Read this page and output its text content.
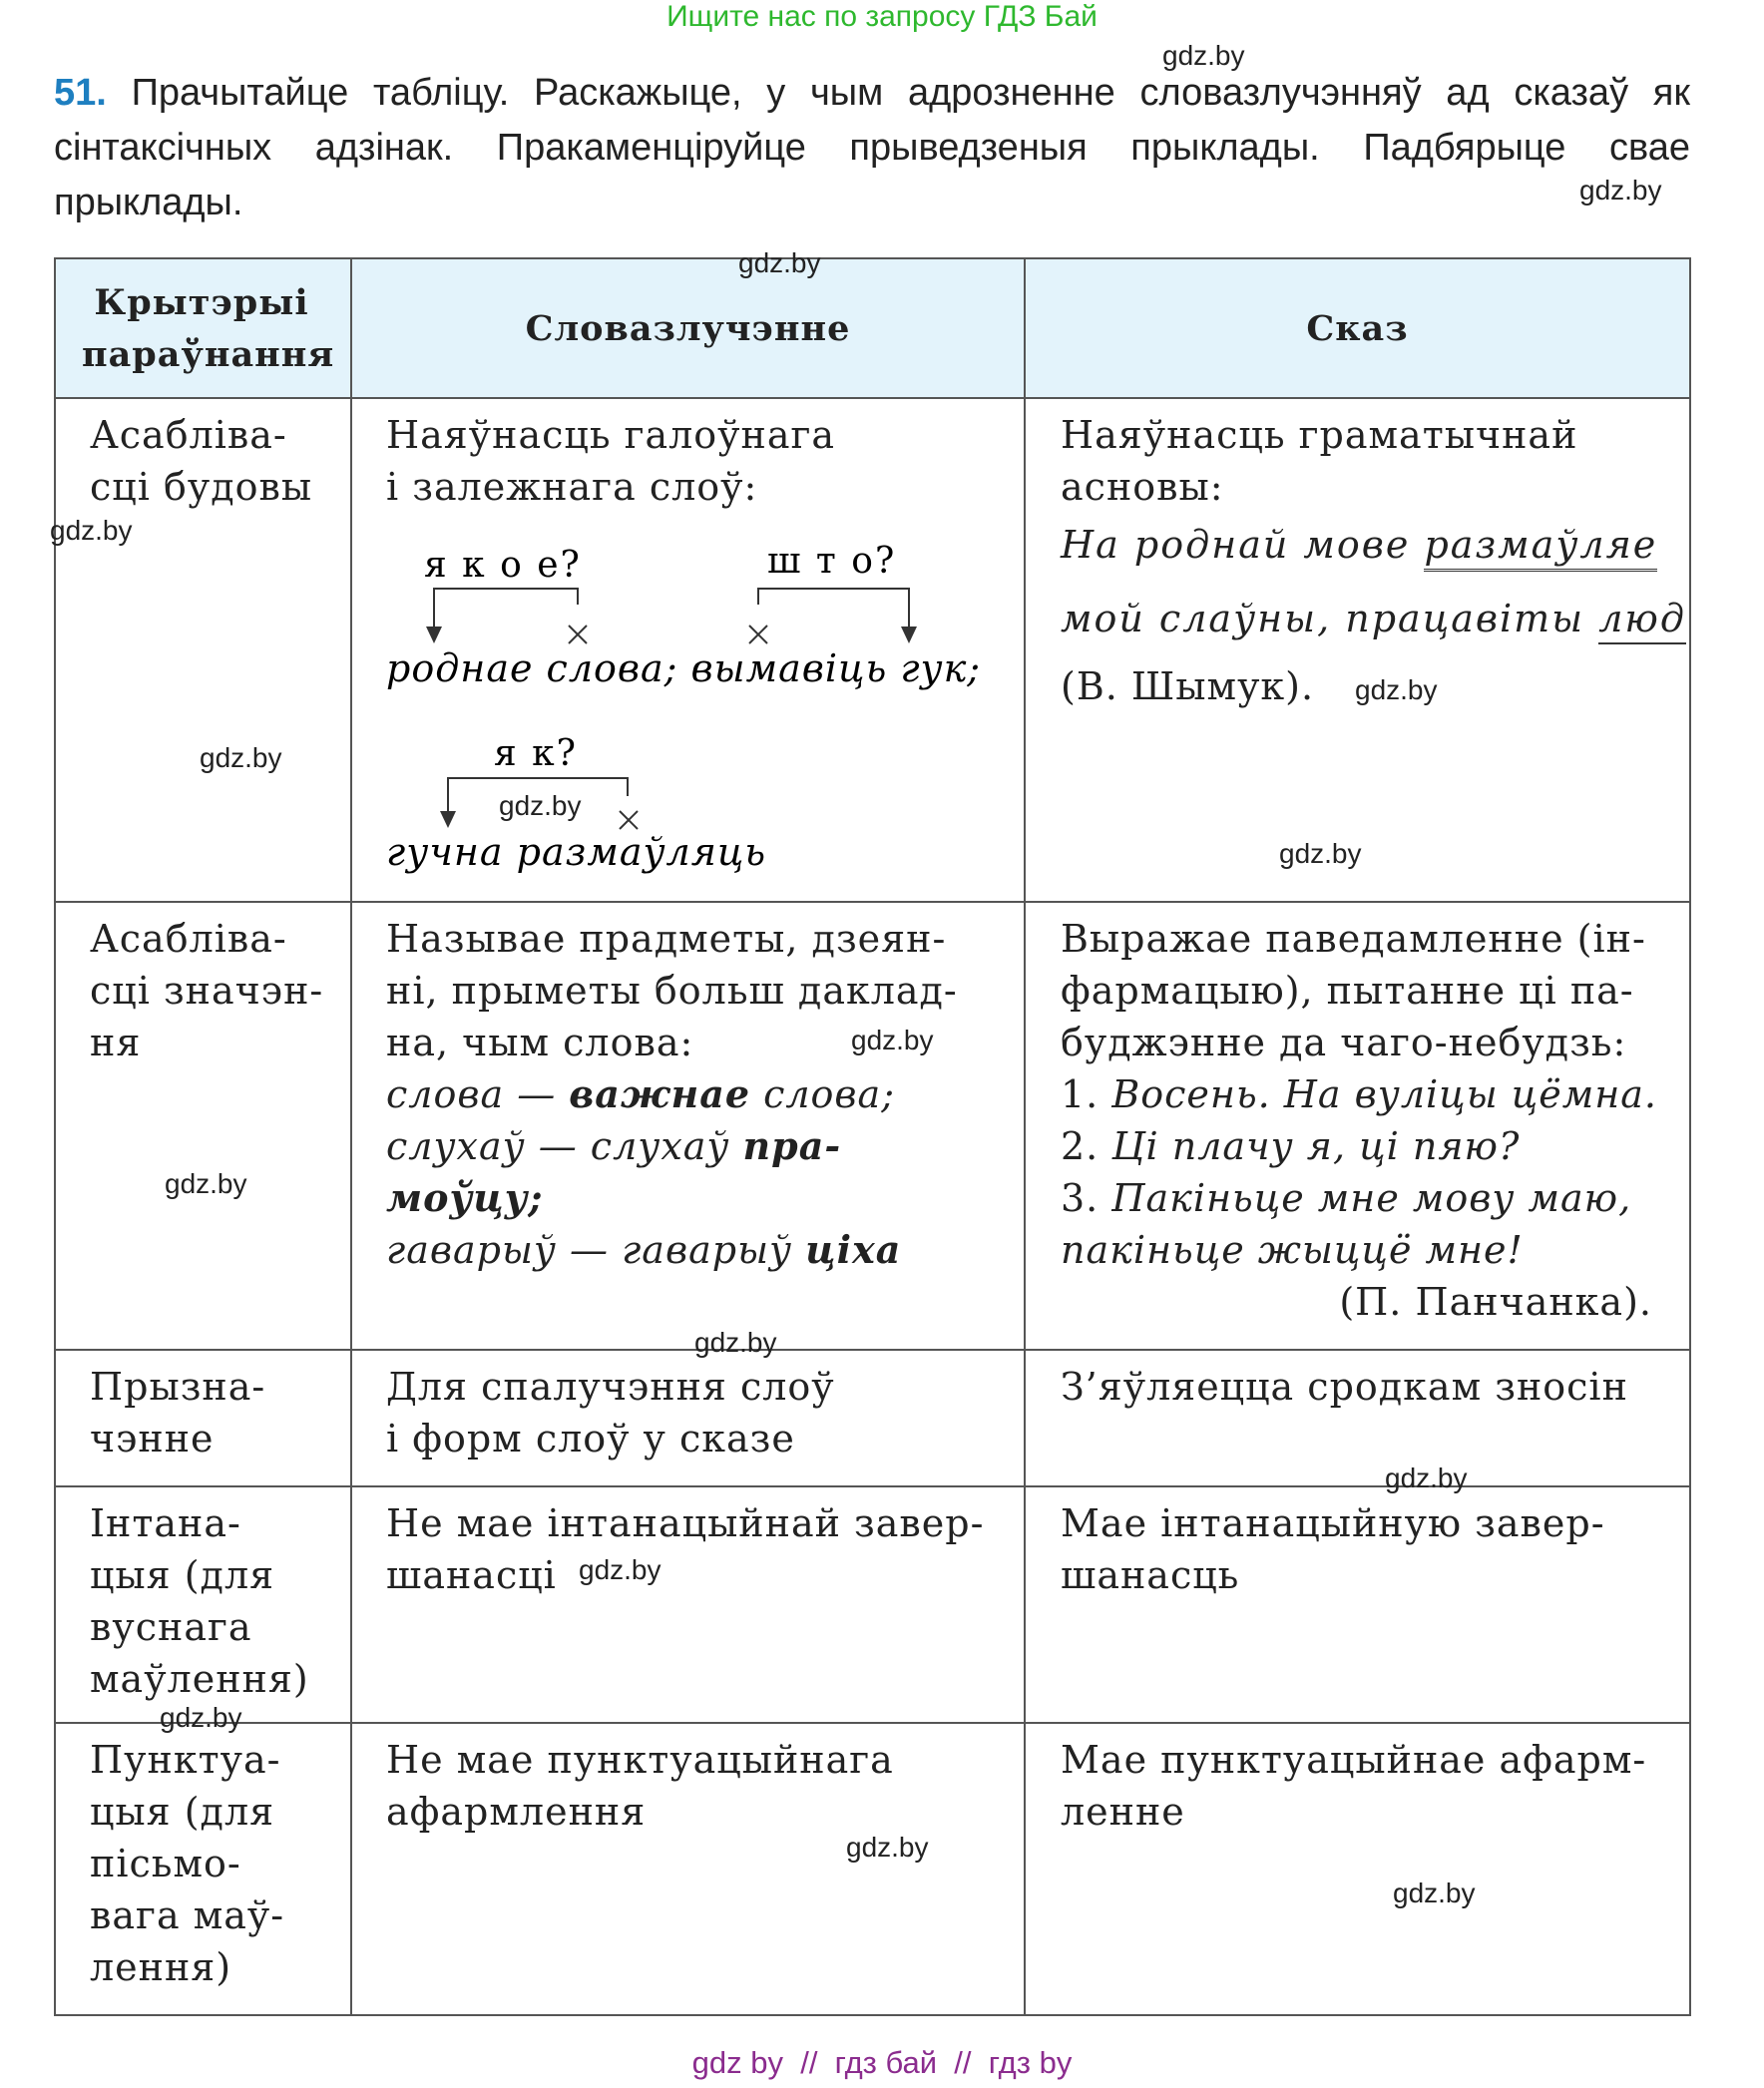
Ищите нас по запросу ГДЗ Бай
51. Прачытайце табліцу. Раскажыце, у чым адрозненне словазлучэнняў ад сказаў як сінтаксічных адзінак. Пракаменціруйце прыведзеныя прыклады. Падбярыце свае прыклады.
Крытэрыі параўнання
Словазлучэнне	Сказ
Асабліва-
сці будовы
Наяўнасць галоўнага
і залежнага слоў:
я к о е?	ш т о?
роднае слова; вымавіць гук;
я к?
гучна размаўляць
Наяўнасць граматычнай
асновы:
На роднай мове размаўляе
мой слаўны, працавіты люд
(В. Шымук).
Асабліва-
сці значэн-
ня
Называе прадметы, дзеян-
ні, прыметы больш даклад-
на, чым слова:
слова — важнае слова;
слухаў — слухаў пра-
моўцу;
гаварыў — гаварыў ціха
Выражае паведамленне (ін-
фармацыю), пытанне ці па-
буджэнне да чаго-небудзь:
1. Восень. На вуліцы цёмна.
2. Ці плачу я, ці пяю?
3. Пакіньце мне мову маю,
пакіньце жыццё мне!
(П. Панчанка).
Прызна-
чэнне
Для спалучэння слоў
і форм слоў у сказе
З’яўляецца сродкам зносін
Інтана-
цыя (для
вуснага
маўлення)
Не мае інтанацыйнай завер-
шанасці
Мае інтанацыйную завер-
шанасць
Пунктуа-
цыя (для
пісьмо-
вага маў-
лення)
Не мае пунктуацыйнага
афармлення
Мае пунктуацыйнае афарм-
ленне
gdz.by
gdz.by
gdz.by
gdz.by
gdz.by
gdz.by
gdz.by
gdz.by
gdz.by
gdz.by
gdz.by
gdz.by
gdz.by
gdz.by
gdz.by
gdz.by
gdz by  //  гдз бай  //  гдз by
